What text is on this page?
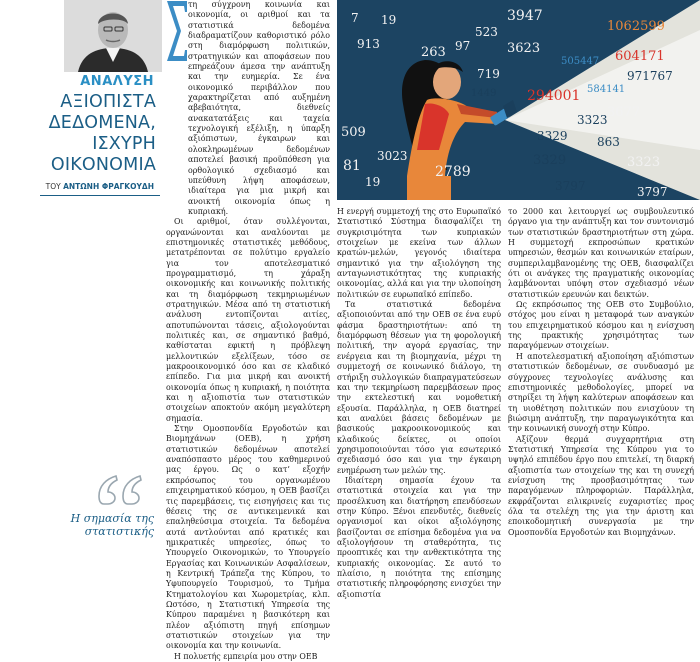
ΑΝΑΛΥΣΗ
ΑΞΙΟΠΙΣΤΑ ΔΕΔΟΜΕΝΑ, ΙΣΧΥΡΗ ΟΙΚΟΝΟΜΙΑ
ΤΟΥ ΑΝΤΩΝΗ ΦΡΑΓΚΟΥΔΗ
Η σημασία της στατιστικής

τη σύγχρονη κοινωνία και οικονομία, οι αριθμοί και τα στατιστικά δεδομένα διαδραματίζουν καθοριστικό ρόλο στη διαμόρφωση πολιτικών, στρατηγικών και αποφάσεων που επηρεάζουν άμεσα την ανάπτυξη και την ευημερία. Σε ένα οικονομικό περιβάλλον που χαρακτηρίζεται από αυξημένη αβεβαιότητα, διεθνείς ανακατατάξεις και ταχεία τεχνολογική εξέλιξη, η ύπαρξη αξιόπιστων, έγκαιρων και ολοκληρωμένων δεδομένων αποτελεί βασική προϋπόθεση για ορθολογικό σχεδιασμό και υπεύθυνη λήψη αποφάσεων, ιδιαίτερα για μια μικρή και ανοικτή οικονομία όπως η κυπριακή.

Οι αριθμοί, όταν συλλέγονται, οργανώνονται και αναλύονται με επιστημονικές στατιστικές μεθόδους, μετατρέπονται σε πολύτιμο εργαλείο για τον αποτελεσματικό προγραμματισμό, τη χάραξη οικονομικής και κοινωνικής πολιτικής και τη διαμόρφωση τεκμηριωμένων στρατηγικών. Μέσα από τη στατιστική ανάλυση εντοπίζονται αιτίες, αποτυπώνονται τάσεις, αξιολογούνται πολιτικές και, σε σημαντικό βαθμό, καθίσταται εφικτή η πρόβλεψη μελλοντικών εξελίξεων, τόσο σε μακροοικονομικό όσο και σε κλαδικό επίπεδο. Για μια μικρή και ανοικτή οικονομία όπως η κυπριακή, η ποιότητα και η αξιοπιστία των στατιστικών στοιχείων αποκτούν ακόμη μεγαλύτερη σημασία.

Στην Ομοσπονδία Εργοδοτών και Βιομηχάνων (ΟΕΒ), η χρήση στατιστικών δεδομένων αποτελεί αναπόσπαστο μέρος του καθημερινού μας έργου. Ως ο κατ’ εξοχήν εκπρόσωπος του οργανωμένου επιχειρηματικού κόσμου, η ΟΕΒ βασίζει τις παρεμβάσεις, τις εισηγήσεις και τις θέσεις της σε αντικειμενικά και επαληθεύσιμα στοιχεία. Τα δεδομένα αυτά αντλούνται από κρατικές και ημικρατικές υπηρεσίες, όπως το Υπουργείο Οικονομικών, το Υπουργείο Εργασίας και Κοινωνικών Ασφαλίσεων, η Κεντρική Τράπεζα της Κύπρου, το Υφυπουργείο Τουρισμού, το Τμήμα Κτηματολογίου και Χωρομετρίας, κλπ. Ωστόσο, η Στατιστική Υπηρεσία της Κύπρου παραμένει η βασικότερη και πλέον αξιόπιστη πηγή επίσημων στατιστικών στοιχείων για την οικονομία και την κοινωνία.

Η πολυετής εμπειρία μου στην ΟΕΒ

3947
1062599
604171
505447
971767
584141
294001
3623
7 19
263 97
523
719
1449
913
509
81
19
3023
2789
3329
3329
3323
3677
863
3797	3797
3323

Η ενεργή συμμετοχή της στο Ευρωπαϊκό Στατιστικό Σύστημα διασφαλίζει τη συγκρισιμότητα των κυπριακών στοιχείων με εκείνα των άλλων κρατών-μελών, γεγονός ιδιαίτερα σημαντικό για την αξιολόγηση της ανταγωνιστικότητας της κυπριακής οικονομίας, αλλά και για την υλοποίηση πολιτικών σε ευρωπαϊκό επίπεδο.

Τα στατιστικά δεδομένα αξιοποιούνται από την ΟΕΒ σε ένα ευρύ φάσμα δραστηριοτήτων: από τη διαμόρφωση θέσεων για τη φορολογική πολιτική, την αγορά εργασίας, την ενέργεια και τη βιομηχανία, μέχρι τη συμμετοχή σε κοινωνικό διάλογο, τη στήριξη συλλογικών διαπραγματεύσεων και την τεκμηρίωση παρεμβάσεων προς την εκτελεστική και νομοθετική εξουσία. Παράλληλα, η ΟΕΒ διατηρεί και αναλύει βάσεις δεδομένων με βασικούς μακροοικονομικούς και κλαδικούς δείκτες, οι οποίοι χρησιμοποιούνται τόσο για εσωτερικό σχεδιασμό όσο και για την έγκαιρη ενημέρωση των μελών της.

Ιδιαίτερη σημασία έχουν τα στατιστικά στοιχεία και για την προσέλκυση και διατήρηση επενδύσεων στην Κύπρο. Ξένοι επενδυτές, διεθνείς οργανισμοί και οίκοι αξιολόγησης βασίζονται σε επίσημα δεδομένα για να αξιολογήσουν τη σταθερότητα, τις προοπτικές και την ανθεκτικότητα της κυπριακής οικονομίας. Σε αυτό το πλαίσιο, η ποιότητα της επίσημης στατιστικής πληροφόρησης ενισχύει την αξιοπιστία

το 2000 και λειτουργεί ως συμβουλευτικό όργανο για την ανάπτυξη και τον συντονισμό των στατιστικών δραστηριοτήτων στη χώρα. Η συμμετοχή εκπροσώπων κρατικών υπηρεσιών, θεσμών και κοινωνικών εταίρων, συμπεριλαμβανομένης της ΟΕΒ, διασφαλίζει ότι οι ανάγκες της πραγματικής οικονομίας λαμβάνονται υπόψη στον σχεδιασμό νέων στατιστικών ερευνών και δεικτών.

Ως εκπρόσωπος της ΟΕΒ στο Συμβούλιο, στόχος μου είναι η μεταφορά των αναγκών του επιχειρηματικού κόσμου και η ενίσχυση της πρακτικής χρησιμότητας των παραγόμενων στοιχείων.

Η αποτελεσματική αξιοποίηση αξιόπιστων στατιστικών δεδομένων, σε συνδυασμό με σύγχρονες τεχνολογίες ανάλυσης και επιστημονικές μεθοδολογίες, μπορεί να στηρίξει τη λήψη καλύτερων αποφάσεων και τη υιοθέτηση πολιτικών που ενισχύουν τη βιώσιμη ανάπτυξη, την παραγωγικότητα και την κοινωνική συνοχή στην Κύπρο.

Αξίζουν θερμά συγχαρητήρια στη Στατιστική Υπηρεσία της Κύπρου για το υψηλό επιπέδου έργο που επιτελεί, τη διαρκή αξιοπιστία των στοιχείων της και τη συνεχή ενίσχυση της προσβασιμότητας των παραγόμενων πληροφοριών. Παράλληλα, εκφράζονται ειλικρινείς ευχαριστίες προς όλα τα στελέχη της για την άριστη και εποικοδομητική συνεργασία με την Ομοσπονδία Εργοδοτών και Βιομηχάνων.
